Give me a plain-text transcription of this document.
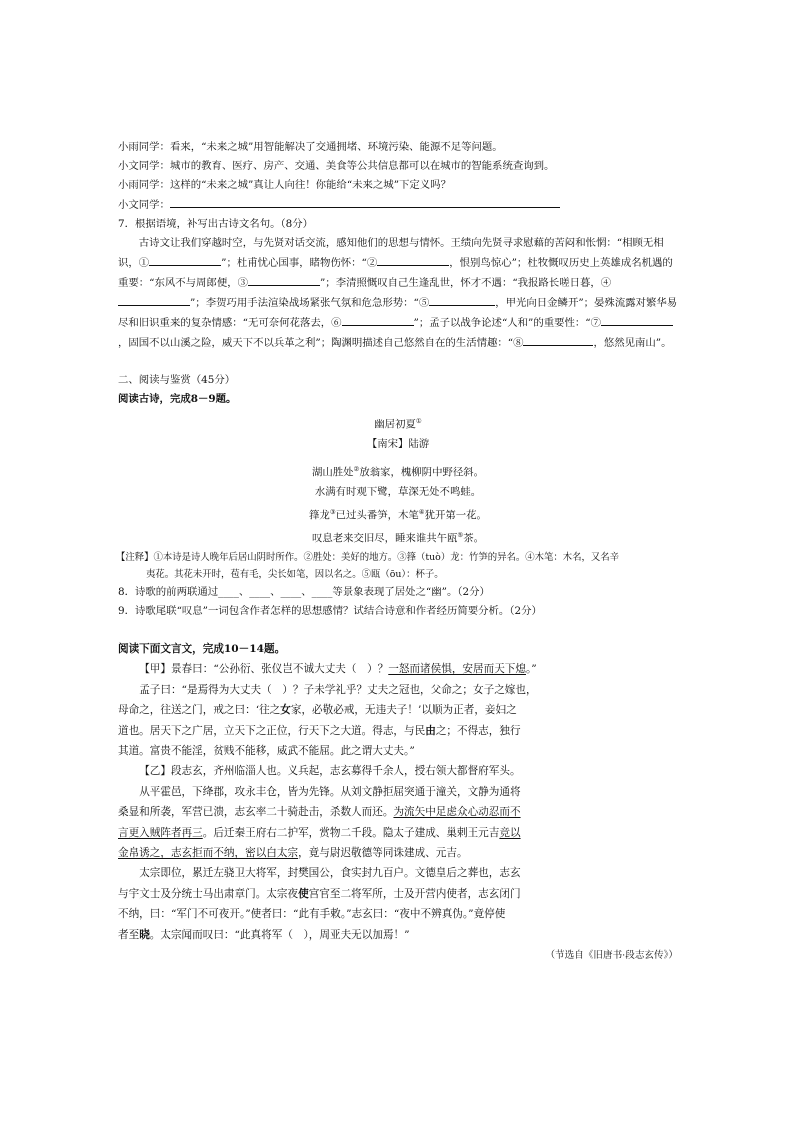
小雨同学：看来，“未来之城”用智能解决了交通拥堵、环境污染、能源不足等问题。
小文同学：城市的教育、医疗、房产、交通、美食等公共信息都可以在城市的智能系统查询到。
小雨同学：这样的“未来之城”真让人向往！你能给“未来之城”下定义吗？
小文同学：
7．根据语境，补写出古诗文名句。（8分）
古诗文让我们穿越时空，与先贤对话交流，感知他们的思想与情怀。王绩向先贤寻求慰藉的苦闷和怅惘：“相顾无相识，①	”；杜甫忧心国事，睹物伤怀：“②	，恨别鸟惊心”；杜牧慨叹历史上英雄成名机遇的重要：“东风不与周郎便，③	”；李清照慨叹自己生逢乱世，怀才不遇：“我报路长嗟日暮，④”；李贺巧用手法渲染战场紧张气氛和危急形势：“⑤	，甲光向日金鳞开”；晏殊流露对繁华易尽和旧识重来的复杂情感：“无可奈何花落去，⑥	”；孟子以战争论述“人和”的重要性：“⑦，固国不以山溪之险，威天下不以兵革之利”；陶渊明描述自己悠然自在的生活情趣：“⑧	，悠然见南山”。
二、阅读与鉴赏（45分）
阅读古诗，完成8－9题。
幽居初夏①
【南宋】陆游
湖山胜处②放翁家，槐柳阴中野径斜。
水满有时观下鹭，草深无处不鸣蛙。
箨龙③已过头番笋，木笔④犹开第一花。
叹息老来交旧尽，睡来谁共午瓯⑤茶。
【注释】①本诗是诗人晚年后居山阴时所作。②胜处：美好的地方。③箨（tuò）龙：竹笋的异名。④木笔：木名，又名辛
夷花。其花未开时，苞有毛，尖长如笔，因以名之。⑤瓯（ōu）：杯子。
8．诗歌的前两联通过____、____、____、____等景象表现了居处之“幽”。（2分）
9．诗歌尾联“叹息”一词包含作者怎样的思想感情？试结合诗意和作者经历简要分析。（2分）
阅读下面文言文，完成10－14题。
【甲】景春曰：“公孙衍、张仪岂不诚大丈夫（　）？一怒而诸侯惧，安居而天下熄。”
孟子曰：“是焉得为大丈夫（　）？子未学礼乎？丈夫之冠也，父命之；女子之嫁也，
母命之，往送之门，戒之曰：‘往之女家，必敬必戒，无违夫子！’以顺为正者，妾妇之
道也。居天下之广居，立天下之正位，行天下之大道。得志，与民由之；不得志，独行
其道。富贵不能淫，贫贱不能移，威武不能屈。此之谓大丈夫。”
【乙】段志玄，齐州临淄人也。义兵起，志玄募得千余人，授右领大都督府军头。
从平霍邑，下绛郡，攻永丰仓，皆为先锋。从刘文静拒屈突通于潼关，文静为通将
桑显和所袭，军营已溃，志玄率二十骑赴击，杀数人而还。为流矢中足虑众心动忍而不
言更入贼阵者再三。后迁秦王府右二护军，赏物二千段。隐太子建成、巢剌王元吉竞以
金帛诱之，志玄拒而不纳，密以白太宗，竟与尉迟敬德等同诛建成、元吉。
太宗即位，累迁左骁卫大将军，封樊国公，食实封九百户。文德皇后之葬也，志玄
与宇文士及分统士马出肃章门。太宗夜使宫官至二将军所，士及开营内使者，志玄闭门
不纳，曰：“军门不可夜开。”使者曰：“此有手敕。”志玄曰：“夜中不辨真伪。”竟停使
者至晓。太宗闻而叹曰：“此真将军（　），周亚夫无以加焉！”
（节选自《旧唐书·段志玄传》）
